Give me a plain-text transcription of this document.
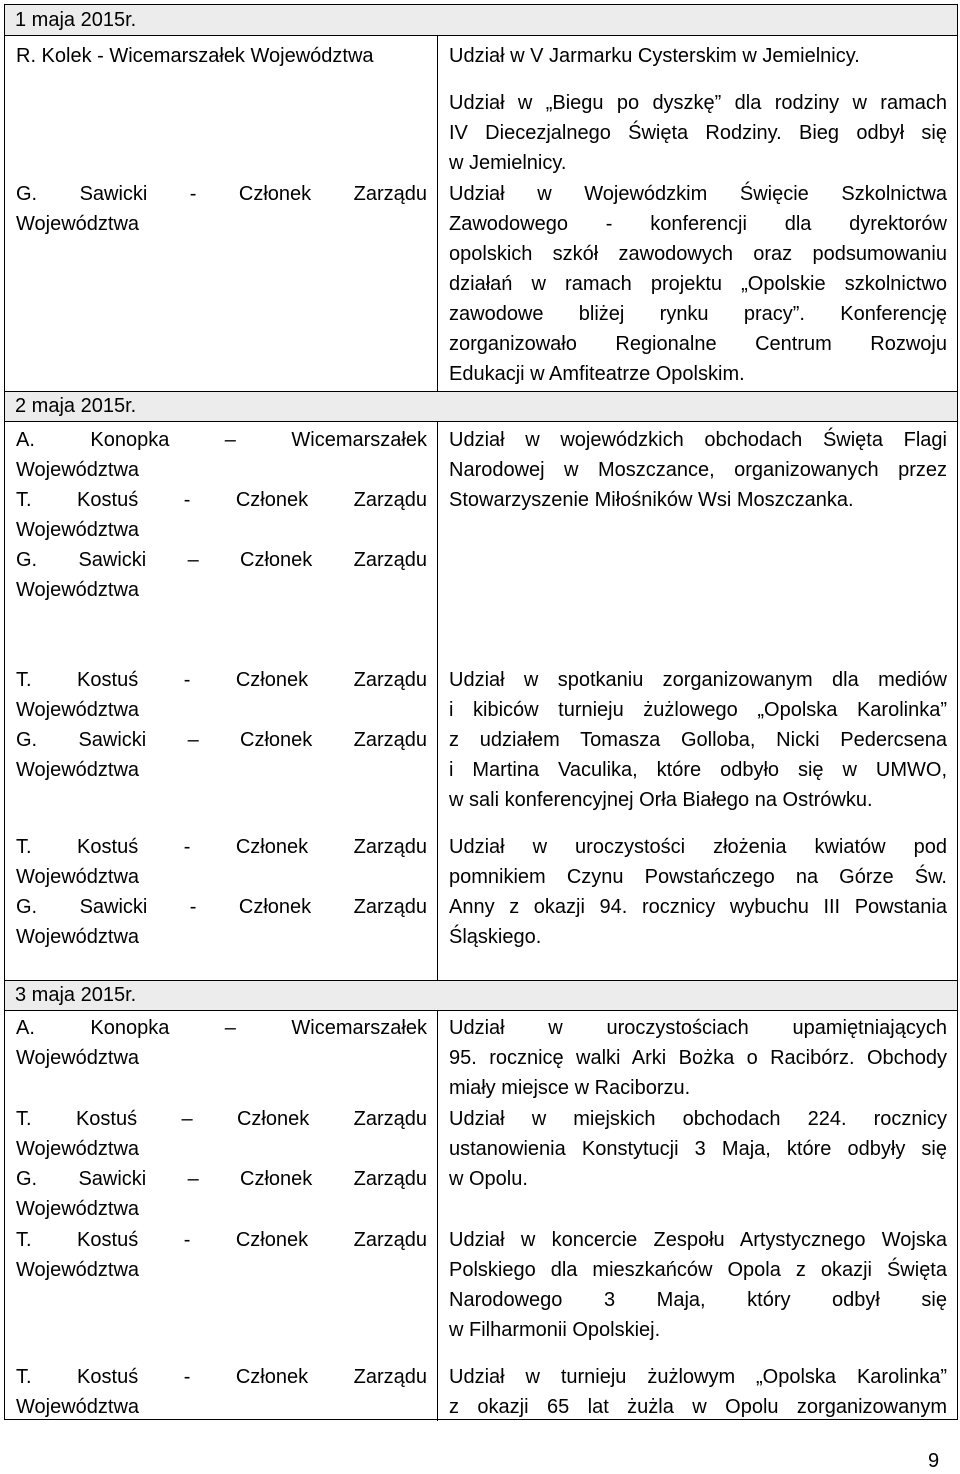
1 maja 2015r.
2 maja 2015r.
3 maja 2015r.
R. Kolek - Wicemarszałek Województwa	Udział w V Jarmarku Cysterskim w Jemielnicy.
Udział w „Biegu po dyszkę” dla rodziny w ramach
IV Diecezjalnego Święta Rodziny. Bieg odbył się
w Jemielnicy.
G. Sawicki - Członek Zarządu
Województwa
Udział w Wojewódzkim Święcie Szkolnictwa
Zawodowego - konferencji dla dyrektorów
opolskich szkół zawodowych oraz podsumowaniu
działań w ramach projektu „Opolskie szkolnictwo
zawodowe bliżej rynku pracy”. Konferencję
zorganizowało Regionalne Centrum Rozwoju
Edukacji w Amfiteatrze Opolskim.
A. Konopka – Wicemarszałek
Województwa
T. Kostuś - Członek Zarządu
Województwa
G. Sawicki – Członek Zarządu
Województwa
Udział w wojewódzkich obchodach Święta Flagi
Narodowej w Moszczance, organizowanych przez
Stowarzyszenie Miłośników Wsi Moszczanka.
T. Kostuś - Członek Zarządu
Województwa
G. Sawicki – Członek Zarządu
Województwa
Udział w spotkaniu zorganizowanym dla mediów
i kibiców turnieju żużlowego „Opolska Karolinka”
z udziałem Tomasza Golloba, Nicki Pedercsena
i Martina Vaculika, które odbyło się w UMWO,
w sali konferencyjnej Orła Białego na Ostrówku.
T. Kostuś - Członek Zarządu
Województwa
G. Sawicki - Członek Zarządu
Województwa
Udział w uroczystości złożenia kwiatów pod
pomnikiem Czynu Powstańczego na Górze Św.
Anny z okazji 94. rocznicy wybuchu III Powstania
Śląskiego.
A. Konopka – Wicemarszałek
Województwa
Udział w uroczystościach upamiętniających
95. rocznicę walki Arki Bożka o Racibórz. Obchody
miały miejsce w Raciborzu.
T. Kostuś – Członek Zarządu
Województwa
G. Sawicki – Członek Zarządu
Województwa
Udział w miejskich obchodach 224. rocznicy
ustanowienia Konstytucji 3 Maja, które odbyły się
w Opolu.
T. Kostuś - Członek Zarządu
Województwa
Udział w koncercie Zespołu Artystycznego Wojska
Polskiego dla mieszkańców Opola z okazji Święta
Narodowego 3 Maja, który odbył się
w Filharmonii Opolskiej.
T. Kostuś - Członek Zarządu
Województwa
Udział w turnieju żużlowym „Opolska Karolinka”
z okazji 65 lat żużla w Opolu zorganizowanym
9
